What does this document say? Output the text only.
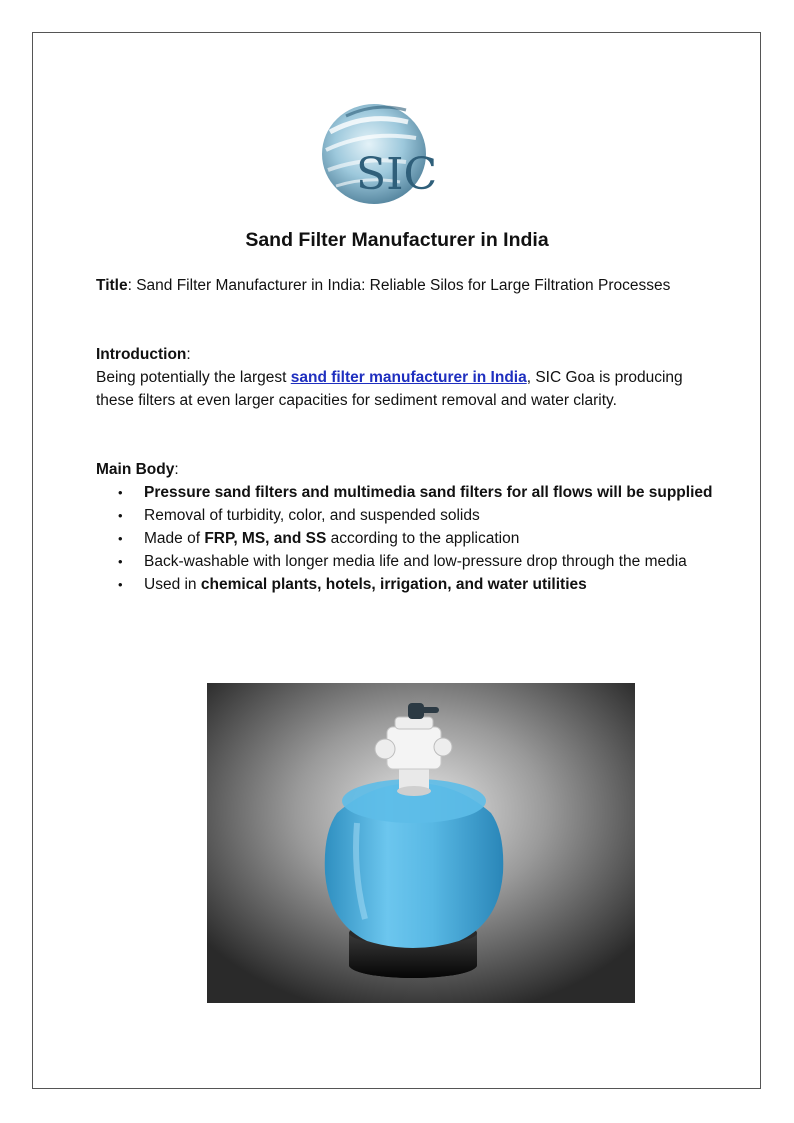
SIC
Sand Filter Manufacturer in India

Title: Sand Filter Manufacturer in India: Reliable Silos for Large Filtration Processes

Introduction:

Being potentially the largest sand filter manufacturer in India, SIC Goa is producing these filters at even larger capacities for sediment removal and water clarity.

Main Body:

• Pressure sand filters and multimedia sand filters for all flows will be supplied
• Removal of turbidity, color, and suspended solids
• Made of FRP, MS, and SS according to the application
• Back-washable with longer media life and low-pressure drop through the media
• Used in chemical plants, hotels, irrigation, and water utilities
